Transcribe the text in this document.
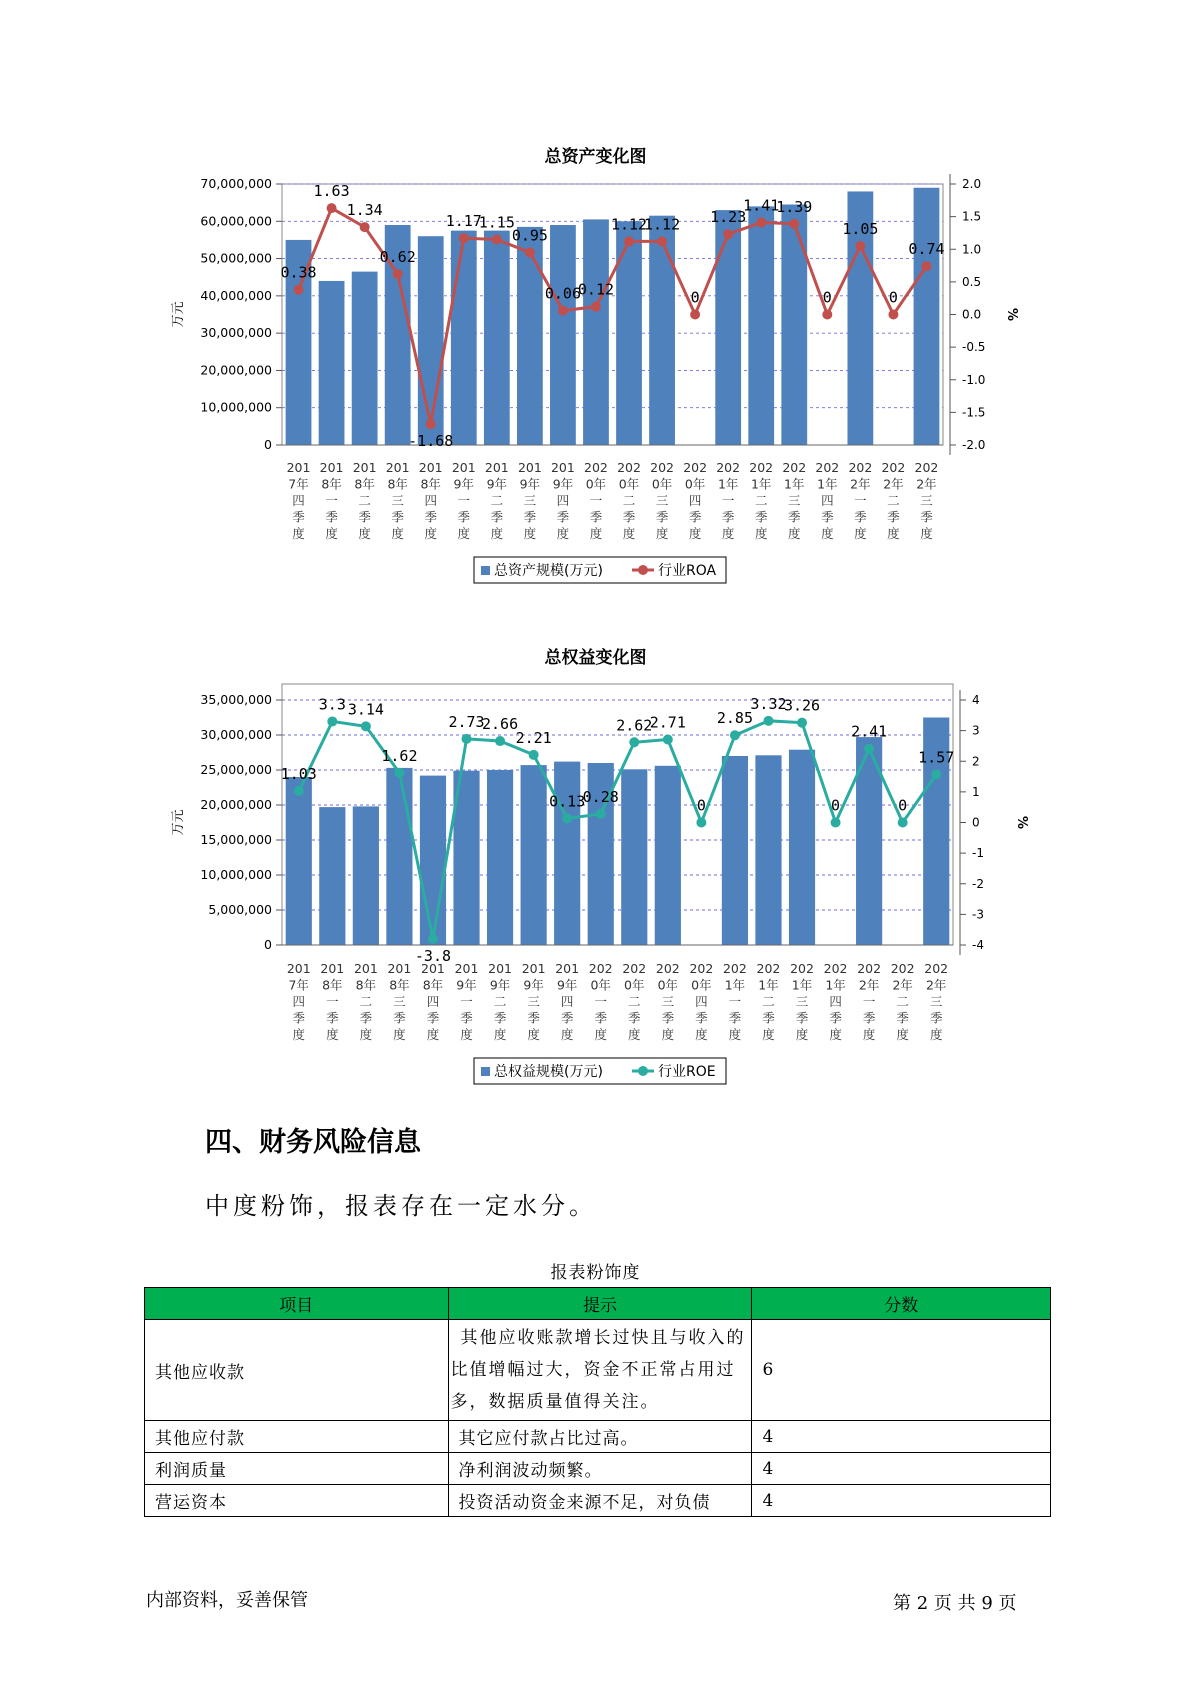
总资产变化图
0
10,000,000
20,000,000
30,000,000
40,000,000
50,000,000
60,000,000
70,000,000
万元
-2.0
-1.5
-1.0
-0.5
0.0
0.5
1.0
1.5
2.0
%
0.38
1.63
1.34
0.62
-1.68
1.17
1.15
0.95
0.06
0.12
1.12
1.12
0
1.23
1.41
1.39
0
1.05
0
0.74
201 7年四季度
201 8年一季度
201 8年二季度
201 8年三季度
201 8年四季度
201 9年一季度
201 9年二季度
201 9年三季度
201 9年四季度
202 0年一季度
202 0年二季度
202 0年三季度
202 0年四季度
202 1年一季度
202 1年二季度
202 1年三季度
202 1年四季度
202 2年一季度
202 2年二季度
202 2年三季度
总资产规模(万元)	行业ROA
总权益变化图
0
5,000,000
10,000,000
15,000,000
20,000,000
25,000,000
30,000,000
35,000,000
万元
-4
-3
-2
-1
0
1
2
3
4
%
1.03
3.3 3.14
1.62
-3.8
2.73
2.66
2.21
0.13
0.28
2.62
2.71
0
2.85
3.32
3.26
0
2.41
0
1.57
201 7年四季度
201 8年一季度
201 8年二季度
201 8年三季度
201 8年四季度
201 9年一季度
201 9年二季度
201 9年三季度
201 9年四季度
202 0年一季度
202 0年二季度
202 0年三季度
202 0年四季度
202 1年一季度
202 1年二季度
202 1年三季度
202 1年四季度
202 2年一季度
202 2年二季度
202 2年三季度
总权益规模(万元)	行业ROE
四、财务风险信息
中度粉饰，报表存在一定水分。
报表粉饰度
项目	提示	分数
其他应收款	其他应收账款增长过快且与收入的比值增幅过大，资金不正常占用过多，数据质量值得关注。	6
其他应付款	其它应付款占比过高。	4
利润质量	净利润波动频繁。	4
营运资本	投资活动资金来源不足，对负债	4
内部资料，妥善保管	第 2 页 共 9 页
